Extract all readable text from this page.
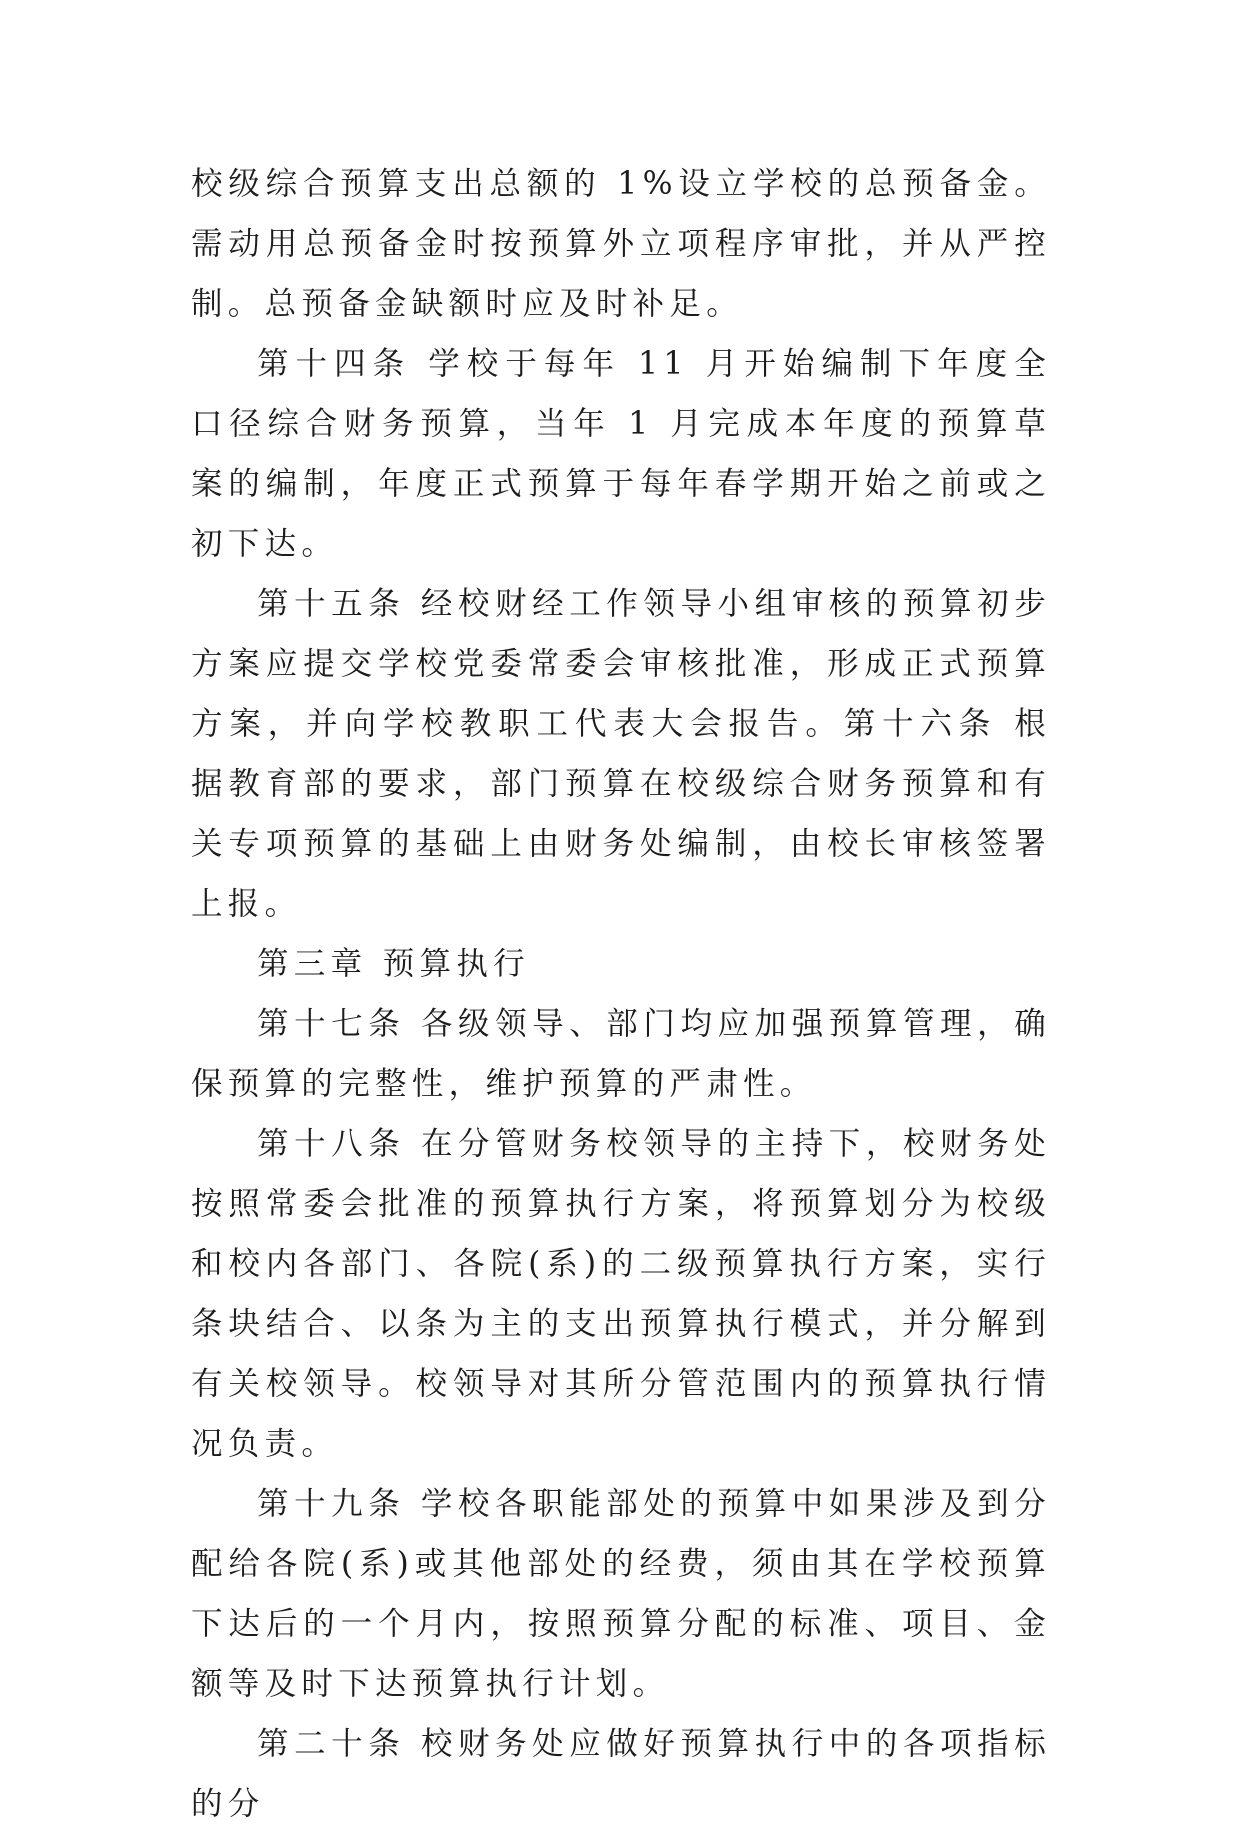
校级综合预算支出总额的 1%设立学校的总预备金。需动用总预备金时按预算外立项程序审批，并从严控制。总预备金缺额时应及时补足。

第十四条 学校于每年 11 月开始编制下年度全口径综合财务预算，当年 1 月完成本年度的预算草案的编制，年度正式预算于每年春学期开始之前或之初下达。

第十五条 经校财经工作领导小组审核的预算初步方案应提交学校党委常委会审核批准，形成正式预算方案，并向学校教职工代表大会报告。第十六条 根据教育部的要求，部门预算在校级综合财务预算和有关专项预算的基础上由财务处编制，由校长审核签署上报。

第三章 预算执行

第十七条 各级领导、部门均应加强预算管理，确保预算的完整性，维护预算的严肃性。

第十八条 在分管财务校领导的主持下，校财务处按照常委会批准的预算执行方案，将预算划分为校级和校内各部门、各院(系)的二级预算执行方案，实行条块结合、以条为主的支出预算执行模式，并分解到有关校领导。校领导对其所分管范围内的预算执行情况负责。

第十九条 学校各职能部处的预算中如果涉及到分配给各院(系)或其他部处的经费，须由其在学校预算下达后的一个月内，按照预算分配的标准、项目、金额等及时下达预算执行计划。

第二十条 校财务处应做好预算执行中的各项指标的分
